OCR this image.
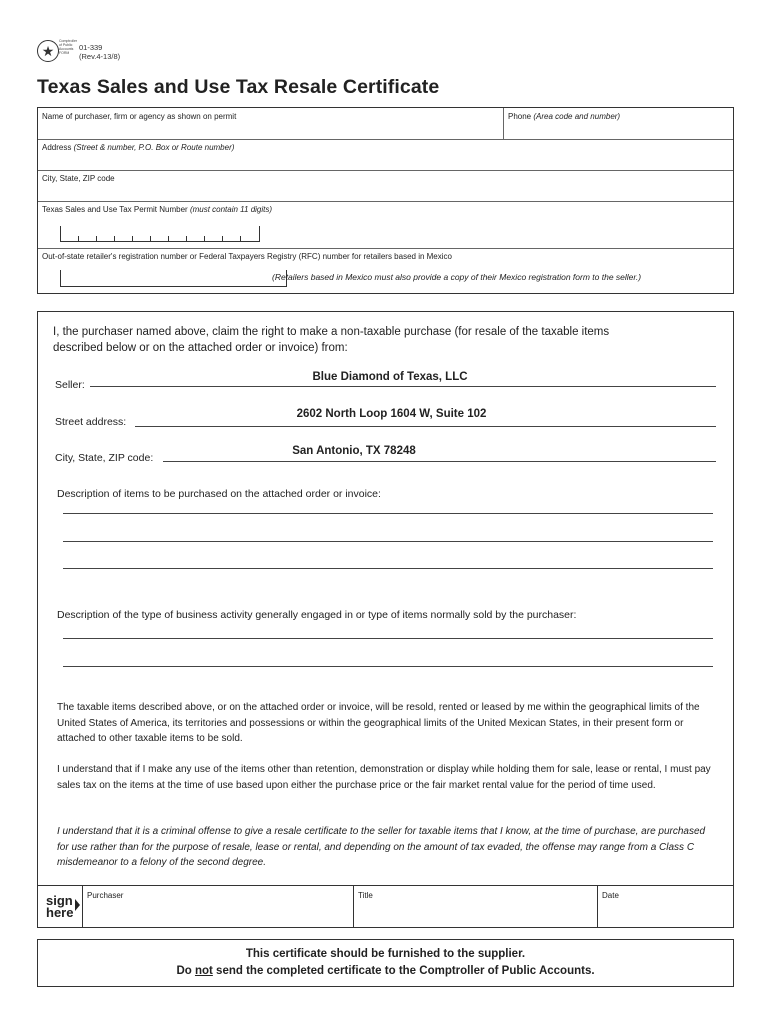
★
Comptroller of Public Accounts FORM
01-339
(Rev.4-13/8)
Texas Sales and Use Tax Resale Certificate
Name of purchaser, firm or agency as shown on permit	Phone (Area code and number)
Address (Street & number, P.O. Box or Route number)
City, State, ZIP code
Texas Sales and Use Tax Permit Number (must contain 11 digits)
Out-of-state retailer's registration number or Federal Taxpayers Registry (RFC) number for retailers based in Mexico
(Retailers based in Mexico must also provide a copy of their Mexico registration form to the seller.)
I, the purchaser named above, claim the right to make a non-taxable purchase (for resale of the taxable items
described below or on the attached order or invoice) from:
Seller:
Blue Diamond of Texas, LLC
Street address:
2602 North Loop 1604 W, Suite 102
City, State, ZIP code:
San Antonio, TX 78248
Description of items to be purchased on the attached order or invoice:
Description of the type of business activity generally engaged in or type of items normally sold by the purchaser:
The taxable items described above, or on the attached order or invoice, will be resold, rented or leased by me within the geographical limits of the United States of America, its territories and possessions or within the geographical limits of the United Mexican States, in their present form or attached to other taxable items to be sold.
I understand that if I make any use of the items other than retention, demonstration or display while holding them for sale, lease or rental, I must pay sales tax on the items at the time of use based upon either the purchase price or the fair market rental value for the period of time used.
I understand that it is a criminal offense to give a resale certificate to the seller for taxable items that I know, at the time of purchase, are purchased for use rather than for the purpose of resale, lease or rental, and depending on the amount of tax evaded, the offense may range from a Class C misdemeanor to a felony of the second degree.
sign
here
Purchaser	Title	Date
This certificate should be furnished to the supplier.
Do not send the completed certificate to the Comptroller of Public Accounts.
